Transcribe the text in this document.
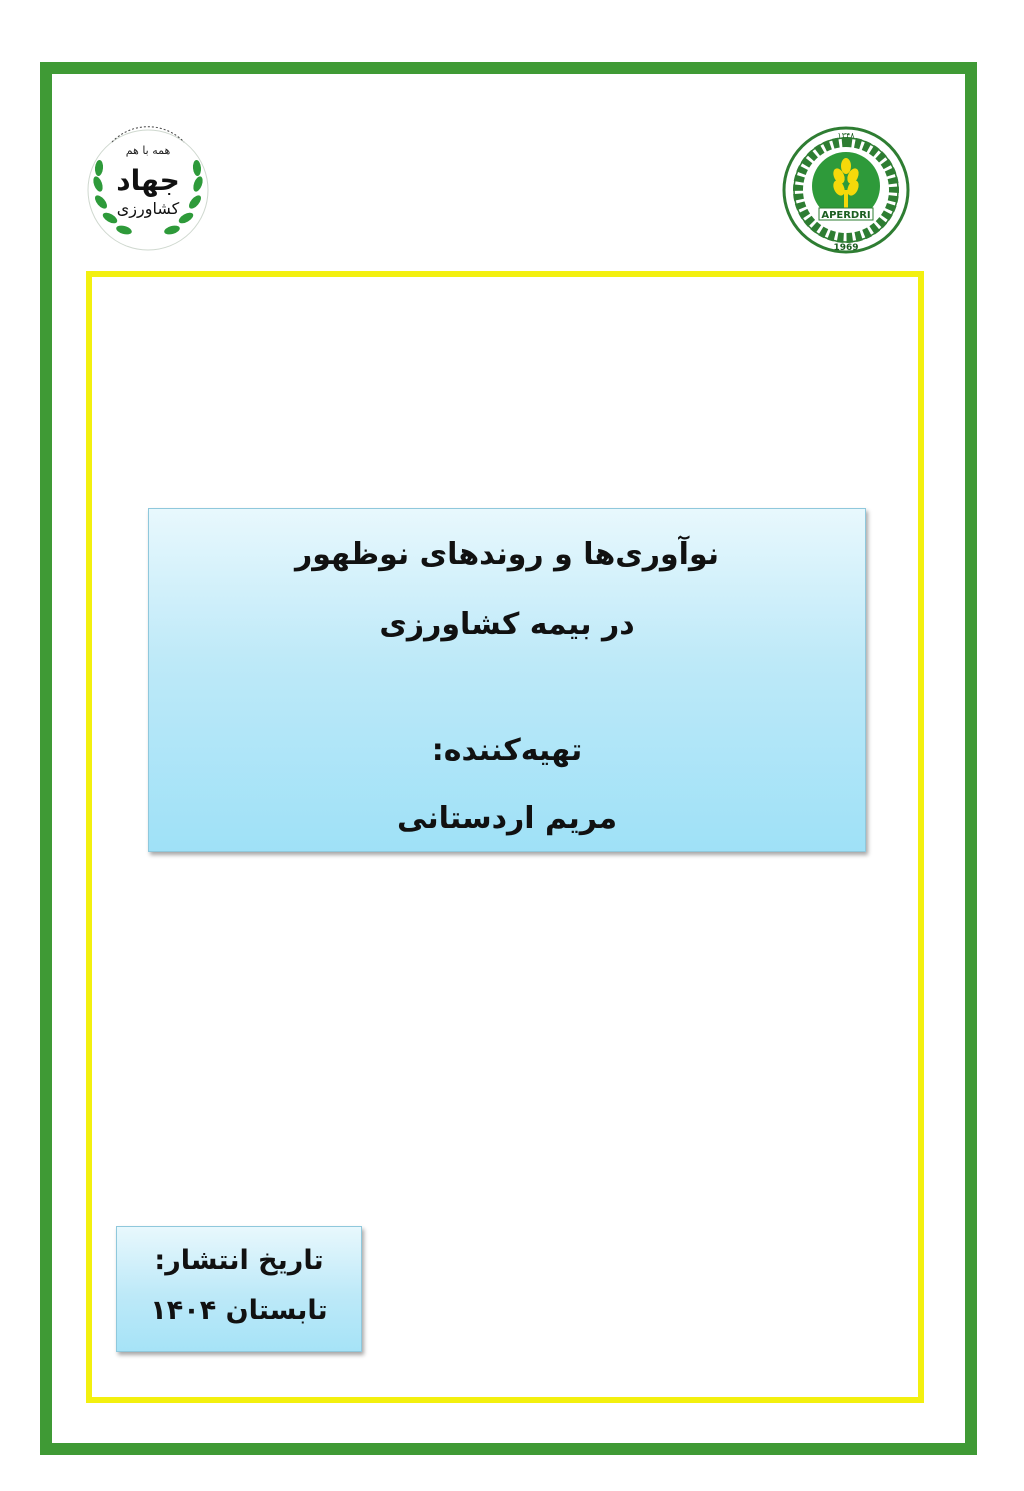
همه با هم
جهاد
کشاورزی	APERDRI
۱۳۴۸
1969
نوآوری‌ها و روندهای نوظهور
در بیمه کشاورزی
تهیه‌کننده:
مریم اردستانی
تاریخ انتشار:
تابستان ۱۴۰۴
